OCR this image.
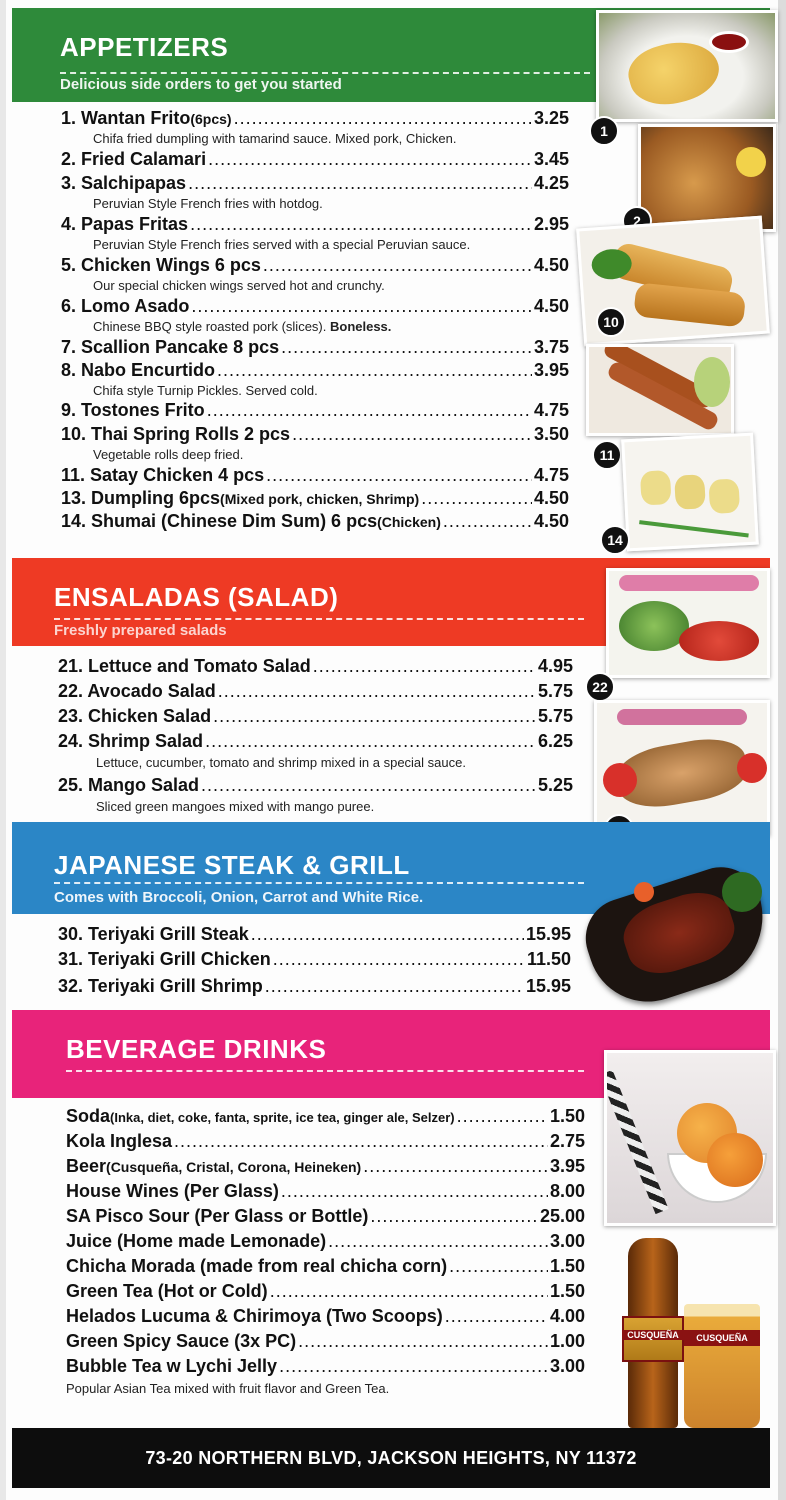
APPETIZERS
Delicious side orders to get you started
1. Wantan Frito (6pcs) .....	3.25
Chifa fried dumpling with tamarind sauce. Mixed pork, Chicken.
2. Fried Calamari .....	3.45
3. Salchipapas .....	4.25
Peruvian Style French fries with hotdog.
4. Papas Fritas .....	2.95
Peruvian Style French fries served with a special Peruvian sauce.
5. Chicken Wings 6 pcs .....	4.50
Our special chicken wings served hot and crunchy.
6. Lomo Asado .....	4.50
Chinese BBQ style roasted pork (slices). Boneless.
7. Scallion Pancake 8 pcs .....	3.75
8. Nabo Encurtido .....	3.95
Chifa style Turnip Pickles. Served cold.
9. Tostones Frito .....	4.75
10. Thai Spring Rolls 2 pcs .....	3.50
Vegetable rolls deep fried.
11. Satay Chicken 4 pcs .....	4.75
13. Dumpling 6pcs (Mixed pork, chicken, Shrimp) .....	4.50
14. Shumai (Chinese Dim Sum) 6 pcs (Chicken) .....	4.50
1
2
10
11
14
ENSALADAS (SALAD)
Freshly prepared salads
21. Lettuce and Tomato Salad .....	4.95
22. Avocado Salad .....	5.75
23. Chicken Salad .....	5.75
24. Shrimp Salad .....	6.25
Lettuce, cucumber, tomato and shrimp mixed in a special sauce.
25. Mango Salad .....	5.25
Sliced green mangoes mixed with mango puree.
22
JAPANESE STEAK & GRILL
Comes with Broccoli, Onion, Carrot and White Rice.
30. Teriyaki Grill Steak .....	15.95
31. Teriyaki Grill Chicken .....	11.50
32. Teriyaki Grill Shrimp .....	15.95
BEVERAGE DRINKS
Soda (Inka, diet, coke, fanta, sprite, ice tea, ginger ale, Selzer) .....	1.50
Kola Inglesa .....	2.75
Beer (Cusqueña, Cristal, Corona, Heineken) .....	3.95
House Wines (Per Glass) .....	8.00
SA Pisco Sour (Per Glass or Bottle) .....	25.00
Juice (Home made Lemonade) .....	3.00
Chicha Morada (made from real chicha corn) .....	1.50
Green Tea (Hot or Cold) .....	1.50
Helados Lucuma & Chirimoya (Two Scoops) .....	4.00
Green Spicy Sauce (3x PC) .....	1.00
Bubble Tea w Lychi Jelly .....	3.00
Popular Asian Tea mixed with fruit flavor and Green Tea.
CUSQUEÑA	CUSQUEÑA
73-20 NORTHERN BLVD, JACKSON HEIGHTS, NY 11372
